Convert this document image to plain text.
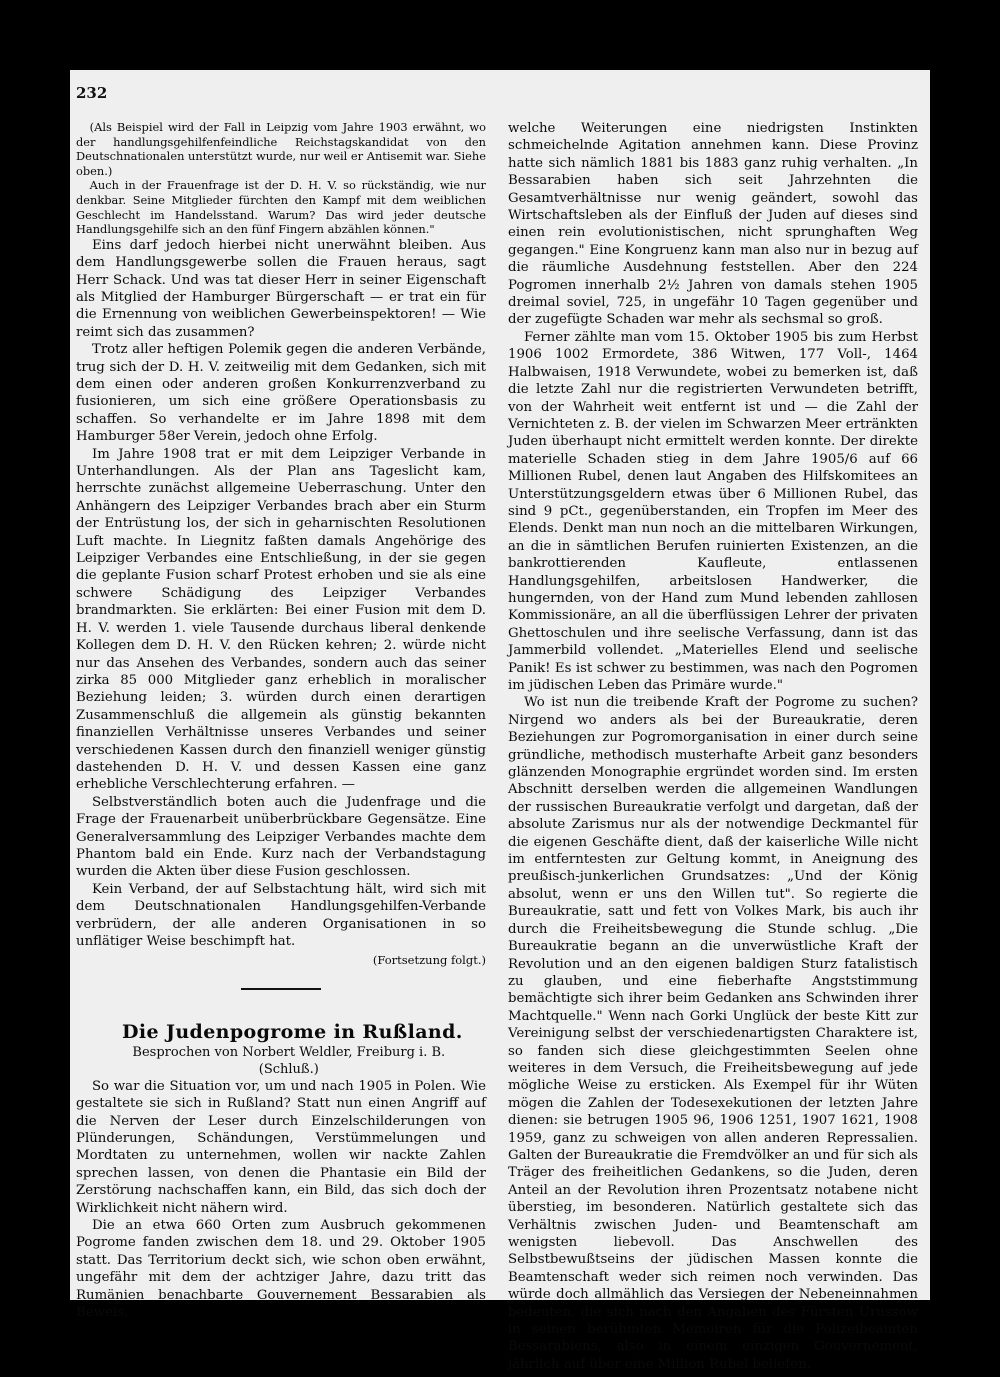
232

(Als Beispiel wird der Fall in Leipzig vom Jahre 1903 erwähnt, wo der handlungsgehilfenfeindliche Reichstagskandidat von den Deutschnationalen unterstützt wurde, nur weil er Antisemit war. Siehe oben.)

Auch in der Frauenfrage ist der D. H. V. so rückständig, wie nur denkbar. Seine Mitglieder fürchten den Kampf mit dem weiblichen Geschlecht im Handelsstand. Warum? Das wird jeder deutsche Handlungsgehilfe sich an den fünf Fingern abzählen können."

Eins darf jedoch hierbei nicht unerwähnt bleiben. Aus dem Handlungsgewerbe sollen die Frauen heraus, sagt Herr Schack. Und was tat dieser Herr in seiner Eigenschaft als Mitglied der Hamburger Bürgerschaft — er trat ein für die Ernennung von weiblichen Gewerbeinspektoren! — Wie reimt sich das zusammen?

Trotz aller heftigen Polemik gegen die anderen Verbände, trug sich der D. H. V. zeitweilig mit dem Gedanken, sich mit dem einen oder anderen großen Konkurrenzverband zu fusionieren, um sich eine größere Operationsbasis zu schaffen. So verhandelte er im Jahre 1898 mit dem Hamburger 58er Verein, jedoch ohne Erfolg.

Im Jahre 1908 trat er mit dem Leipziger Verbande in Unterhandlungen. Als der Plan ans Tageslicht kam, herrschte zunächst allgemeine Ueberraschung. Unter den Anhängern des Leipziger Verbandes brach aber ein Sturm der Entrüstung los, der sich in geharnischten Resolutionen Luft machte. In Liegnitz faßten damals Angehörige des Leipziger Verbandes eine Entschließung, in der sie gegen die geplante Fusion scharf Protest erhoben und sie als eine schwere Schädigung des Leipziger Verbandes brandmarkten. Sie erklärten: Bei einer Fusion mit dem D. H. V. werden 1. viele Tausende durchaus liberal denkende Kollegen dem D. H. V. den Rücken kehren; 2. würde nicht nur das Ansehen des Verbandes, sondern auch das seiner zirka 85 000 Mitglieder ganz erheblich in moralischer Beziehung leiden; 3. würden durch einen derartigen Zusammenschluß die allgemein als günstig bekannten finanziellen Verhältnisse unseres Verbandes und seiner verschiedenen Kassen durch den finanziell weniger günstig dastehenden D. H. V. und dessen Kassen eine ganz erhebliche Verschlechterung erfahren. —

Selbstverständlich boten auch die Judenfrage und die Frage der Frauenarbeit unüberbrückbare Gegensätze. Eine Generalversammlung des Leipziger Verbandes machte dem Phantom bald ein Ende. Kurz nach der Verbandstagung wurden die Akten über diese Fusion geschlossen.

Kein Verband, der auf Selbstachtung hält, wird sich mit dem Deutschnationalen Handlungsgehilfen-Verbande verbrüdern, der alle anderen Organisationen in so unflätiger Weise beschimpft hat.

(Fortsetzung folgt.)

Die Judenpogrome in Rußland.

Besprochen von Norbert Weldler, Freiburg i. B.

(Schluß.)

So war die Situation vor, um und nach 1905 in Polen. Wie gestaltete sie sich in Rußland? Statt nun einen Angriff auf die Nerven der Leser durch Einzelschilderungen von Plünderungen, Schändungen, Verstümmelungen und Mordtaten zu unternehmen, wollen wir nackte Zahlen sprechen lassen, von denen die Phantasie ein Bild der Zerstörung nachschaffen kann, ein Bild, das sich doch der Wirklichkeit nicht nähern wird.

Die an etwa 660 Orten zum Ausbruch gekommenen Pogrome fanden zwischen dem 18. und 29. Oktober 1905 statt. Das Territorium deckt sich, wie schon oben erwähnt, ungefähr mit dem der achtziger Jahre, dazu tritt das Rumänien benachbarte Gouvernement Bessarabien als Beweis,

welche Weiterungen eine niedrigsten Instinkten schmeichelnde Agitation annehmen kann. Diese Provinz hatte sich nämlich 1881 bis 1883 ganz ruhig verhalten. „In Bessarabien haben sich seit Jahrzehnten die Gesamtverhältnisse nur wenig geändert, sowohl das Wirtschaftsleben als der Einfluß der Juden auf dieses sind einen rein evolutionistischen, nicht sprunghaften Weg gegangen." Eine Kongruenz kann man also nur in bezug auf die räumliche Ausdehnung feststellen. Aber den 224 Pogromen innerhalb 2½ Jahren von damals stehen 1905 dreimal soviel, 725, in ungefähr 10 Tagen gegenüber und der zugefügte Schaden war mehr als sechsmal so groß.

Ferner zählte man vom 15. Oktober 1905 bis zum Herbst 1906 1002 Ermordete, 386 Witwen, 177 Voll-, 1464 Halbwaisen, 1918 Verwundete, wobei zu bemerken ist, daß die letzte Zahl nur die registrierten Verwundeten betrifft, von der Wahrheit weit entfernt ist und — die Zahl der Vernichteten z. B. der vielen im Schwarzen Meer ertränkten Juden überhaupt nicht ermittelt werden konnte. Der direkte materielle Schaden stieg in dem Jahre 1905/6 auf 66 Millionen Rubel, denen laut Angaben des Hilfskomitees an Unterstützungsgeldern etwas über 6 Millionen Rubel, das sind 9 pCt., gegenüberstanden, ein Tropfen im Meer des Elends. Denkt man nun noch an die mittelbaren Wirkungen, an die in sämtlichen Berufen ruinierten Existenzen, an die bankrottierenden Kaufleute, entlassenen Handlungsgehilfen, arbeitslosen Handwerker, die hungernden, von der Hand zum Mund lebenden zahllosen Kommissionäre, an all die überflüssigen Lehrer der privaten Ghettoschulen und ihre seelische Verfassung, dann ist das Jammerbild vollendet. „Materielles Elend und seelische Panik! Es ist schwer zu bestimmen, was nach den Pogromen im jüdischen Leben das Primäre wurde."

Wo ist nun die treibende Kraft der Pogrome zu suchen? Nirgend wo anders als bei der Bureaukratie, deren Beziehungen zur Pogromorganisation in einer durch seine gründliche, methodisch musterhafte Arbeit ganz besonders glänzenden Monographie ergründet worden sind. Im ersten Abschnitt derselben werden die allgemeinen Wandlungen der russischen Bureaukratie verfolgt und dargetan, daß der absolute Zarismus nur als der notwendige Deckmantel für die eigenen Geschäfte dient, daß der kaiserliche Wille nicht im entferntesten zur Geltung kommt, in Aneignung des preußisch-junkerlichen Grundsatzes: „Und der König absolut, wenn er uns den Willen tut". So regierte die Bureaukratie, satt und fett von Volkes Mark, bis auch ihr durch die Freiheitsbewegung die Stunde schlug. „Die Bureaukratie begann an die unverwüstliche Kraft der Revolution und an den eigenen baldigen Sturz fatalistisch zu glauben, und eine fieberhafte Angststimmung bemächtigte sich ihrer beim Gedanken ans Schwinden ihrer Machtquelle." Wenn nach Gorki Unglück der beste Kitt zur Vereinigung selbst der verschiedenartigsten Charaktere ist, so fanden sich diese gleichgestimmten Seelen ohne weiteres in dem Versuch, die Freiheitsbewegung auf jede mögliche Weise zu ersticken. Als Exempel für ihr Wüten mögen die Zahlen der Todesexekutionen der letzten Jahre dienen: sie betrugen 1905 96, 1906 1251, 1907 1621, 1908 1959, ganz zu schweigen von allen anderen Repressalien. Galten der Bureaukratie die Fremdvölker an und für sich als Träger des freiheitlichen Gedankens, so die Juden, deren Anteil an der Revolution ihren Prozentsatz notabene nicht überstieg, im besonderen. Natürlich gestaltete sich das Verhältnis zwischen Juden- und Beamtenschaft am wenigsten liebevoll. Das Anschwellen des Selbstbewußtseins der jüdischen Massen konnte die Beamtenschaft weder sich reimen noch verwinden. Das würde doch allmählich das Versiegen der Nebeneinnahmen bedeuten, die sich nach den Angaben des Fürsten Urussow in seinen berühmten Memoiren für die Polizeibeamten Bessarabiens, also in einem einzigen Gouvernement, jährlich auf über eine Million Rubel beliefen.
